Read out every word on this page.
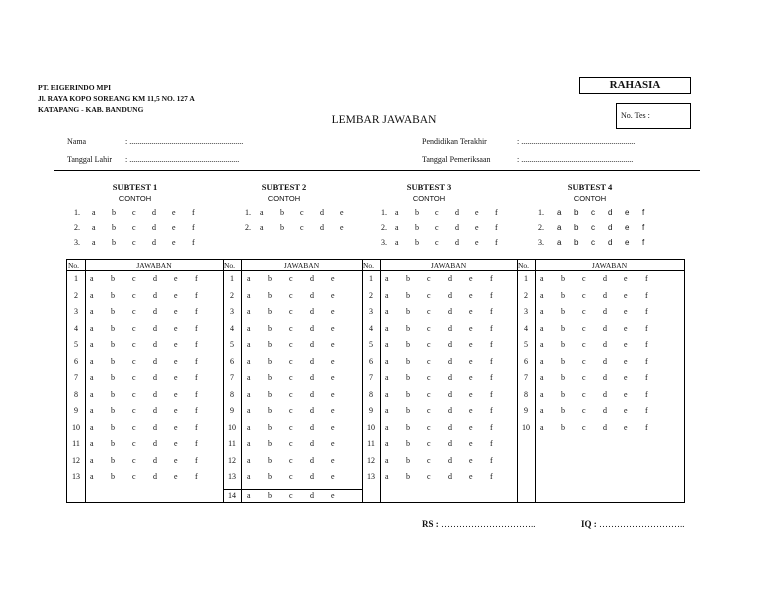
PT. EIGERINDO MPI
Jl. RAYA KOPO SOREANG KM 11,5 NO. 127 A
KATAPANG - KAB. BANDUNG
RAHASIA
No. Tes :
LEMBAR JAWABAN
Nama	: .........................................................
Tanggal Lahir : .......................................................
Pendidikan Terakhir	: .........................................................
Tanggal Pemeriksaan	: ........................................................
SUBTEST 1
CONTOH
1. a b c d e f
2. a b c d e f
3. a b c d e f
SUBTEST 2
CONTOH
1. a b c d e
2. a b c d e
SUBTEST 3
CONTOH
1. a b c d e f
2. a b c d e f
3. a b c d e f
SUBTEST 4
CONTOH
1. a b c d e f
2. a b c d e f
3. a b c d e f
No.	JAWABAN
1	a b c d e f
2	a b c d e f
3	a b c d e f
4	a b c d e f
5	a b c d e f
6	a b c d e f
7	a b c d e f
8	a b c d e f
9	a b c d e f
10	a b c d e f
11	a b c d e f
12	a b c d e f
13	a b c d e f
No.	JAWABAN
1	a b c d e
2	a b c d e
3	a b c d e
4	a b c d e
5	a b c d e
6	a b c d e
7	a b c d e
8	a b c d e
9	a b c d e
10	a b c d e
11	a b c d e
12	a b c d e
13	a b c d e
14	a b c d e
No.	JAWABAN
1	a b c d e f
2	a b c d e f
3	a b c d e f
4	a b c d e f
5	a b c d e f
6	a b c d e f
7	a b c d e f
8	a b c d e f
9	a b c d e f
10	a b c d e f
11	a b c d e f
12	a b c d e f
13	a b c d e f
No.	JAWABAN
1	a b c d e f
2	a b c d e f
3	a b c d e f
4	a b c d e f
5	a b c d e f
6	a b c d e f
7	a b c d e f
8	a b c d e f
9	a b c d e f
10	a b c d e f
RS : …………………………..	IQ : ………………………..
